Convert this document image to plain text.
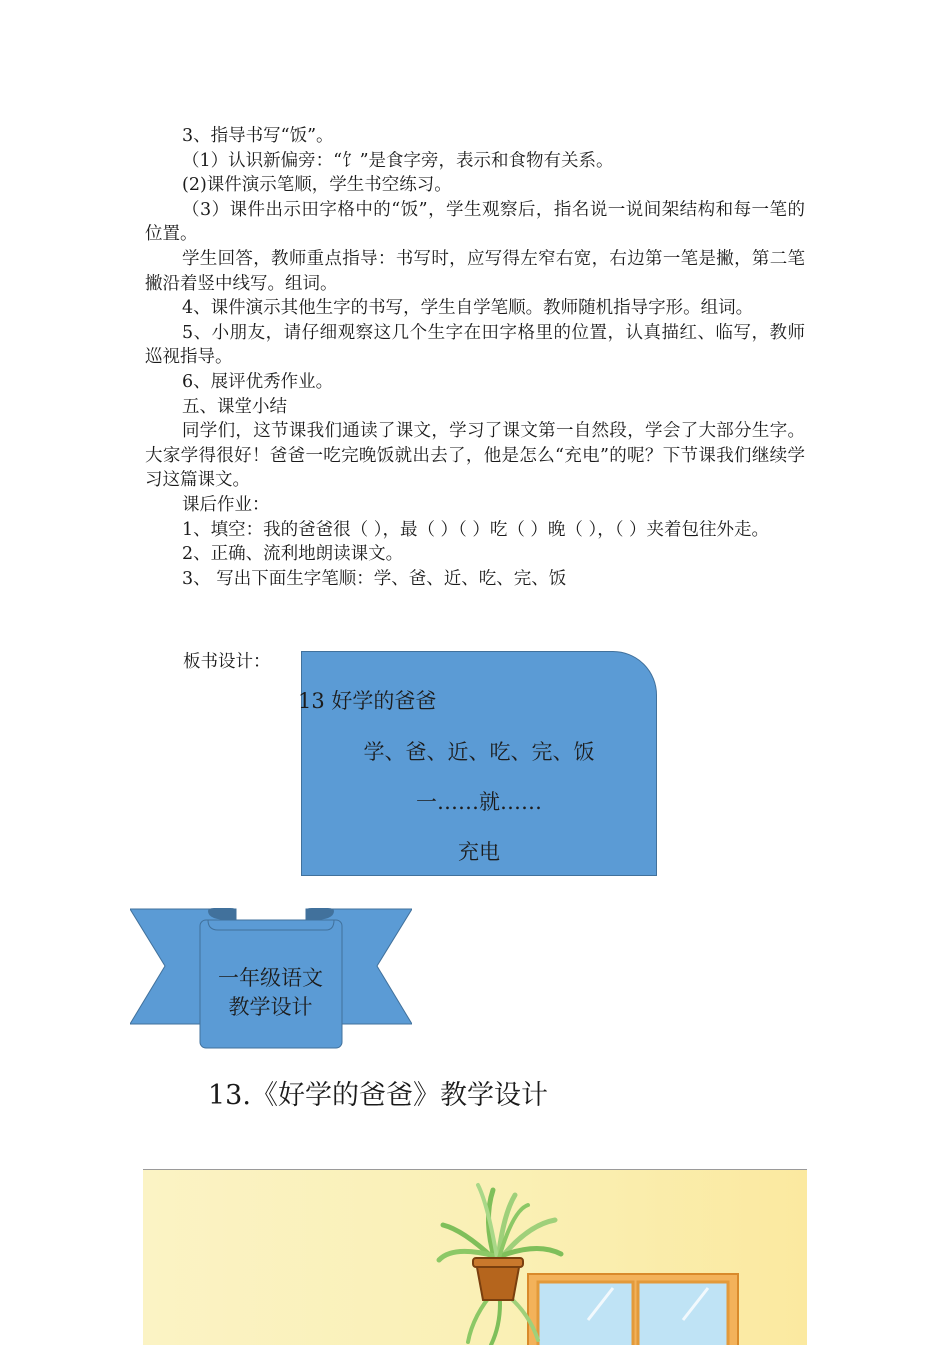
3、指导书写“饭”。

（1）认识新偏旁：“饣”是食字旁，表示和食物有关系。

(2)课件演示笔顺，学生书空练习。

（3）课件出示田字格中的“饭”，学生观察后，指名说一说间架结构和每一笔的位置。

学生回答，教师重点指导：书写时，应写得左窄右宽，右边第一笔是撇，第二笔撇沿着竖中线写。组词。

4、课件演示其他生字的书写，学生自学笔顺。教师随机指导字形。组词。

5、小朋友，请仔细观察这几个生字在田字格里的位置，认真描红、临写，教师巡视指导。

6、展评优秀作业。

五、课堂小结

同学们，这节课我们通读了课文，学习了课文第一自然段，学会了大部分生字。大家学得很好！爸爸一吃完晚饭就出去了，他是怎么“充电”的呢？下节课我们继续学习这篇课文。

课后作业：

1、填空：我的爸爸很（ ），最（ ）（ ）吃（ ）晚（ ），（ ）夹着包往外走。

2、正确、流利地朗读课文。

3、 写出下面生字笔顺：学、爸、近、吃、完、饭

板书设计：
13 好学的爸爸
学、爸、近、吃、完、饭
一……就……
充电
一年级语文
教学设计
13.《好学的爸爸》教学设计
